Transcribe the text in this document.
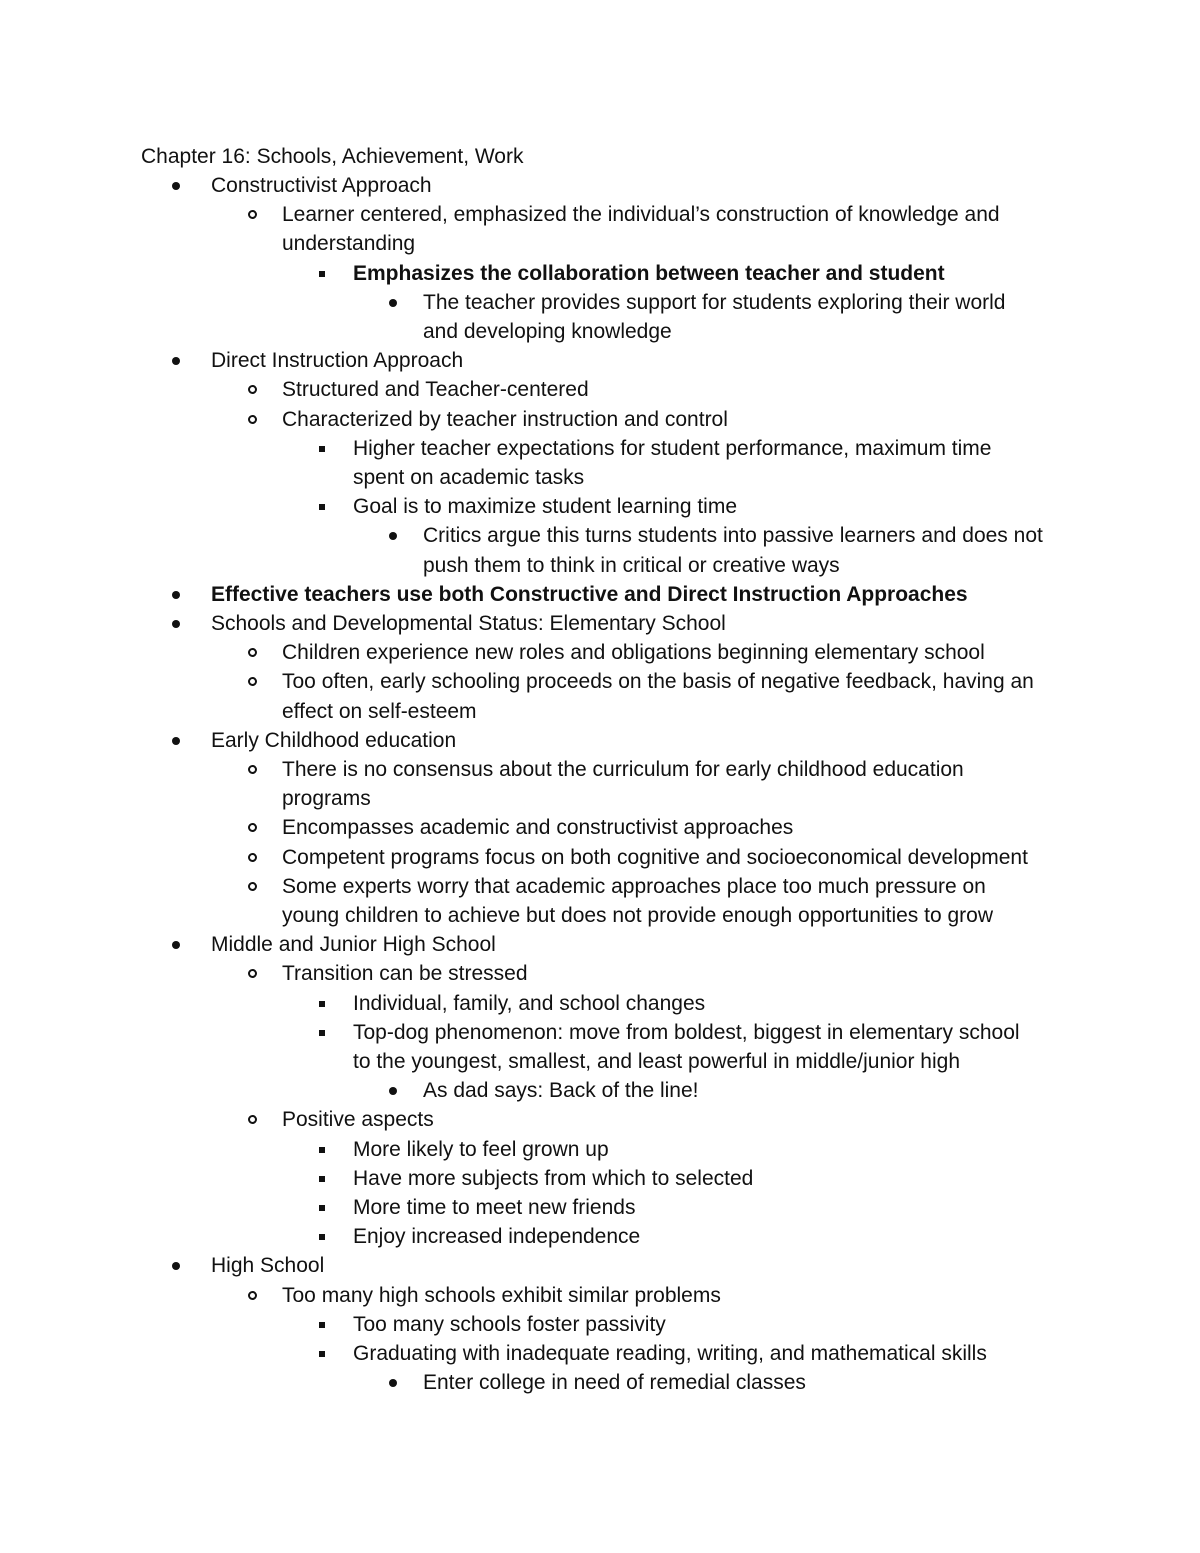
Chapter 16: Schools, Achievement, Work
Constructivist Approach
Learner centered, emphasized the individual’s construction of knowledge and
understanding
Emphasizes the collaboration between teacher and student
The teacher provides support for students exploring their world
and developing knowledge
Direct Instruction Approach
Structured and Teacher-centered
Characterized by teacher instruction and control
Higher teacher expectations for student performance, maximum time
spent on academic tasks
Goal is to maximize student learning time
Critics argue this turns students into passive learners and does not
push them to think in critical or creative ways
Effective teachers use both Constructive and Direct Instruction Approaches
Schools and Developmental Status: Elementary School
Children experience new roles and obligations beginning elementary school
Too often, early schooling proceeds on the basis of negative feedback, having an
effect on self-esteem
Early Childhood education
There is no consensus about the curriculum for early childhood education
programs
Encompasses academic and constructivist approaches
Competent programs focus on both cognitive and socioeconomical development
Some experts worry that academic approaches place too much pressure on
young children to achieve but does not provide enough opportunities to grow
Middle and Junior High School
Transition can be stressed
Individual, family, and school changes
Top-dog phenomenon: move from boldest, biggest in elementary school
to the youngest, smallest, and least powerful in middle/junior high
As dad says: Back of the line!
Positive aspects
More likely to feel grown up
Have more subjects from which to selected
More time to meet new friends
Enjoy increased independence
High School
Too many high schools exhibit similar problems
Too many schools foster passivity
Graduating with inadequate reading, writing, and mathematical skills
Enter college in need of remedial classes
